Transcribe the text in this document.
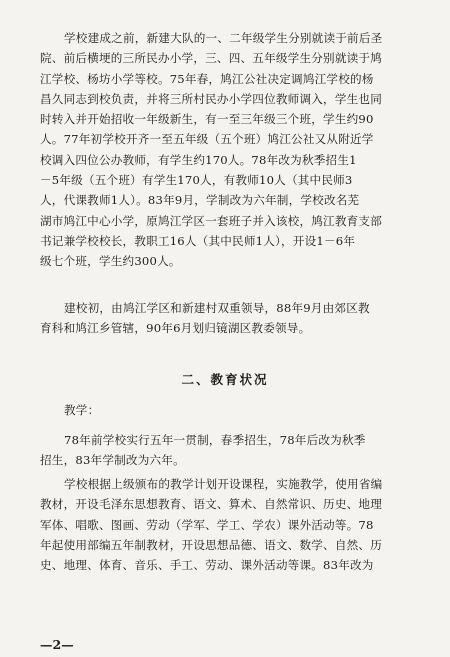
学校建成之前，新建大队的一、二年级学生分别就读于前后圣
院、前后横埂的三所民办小学，三、四、五年级学生分别就读于鸠
江学校、杨坊小学等校。75年春，鸠江公社决定调鸠江学校的杨
昌久同志到校负责，并将三所村民办小学四位教师调入，学生也同
时转入并开始招收一年级新生，有一至三年级三个班，学生约90
人。77年初学校开齐一至五年级（五个班）鸠江公社又从附近学
校调入四位公办教师，有学生约170人。78年改为秋季招生1
－5年级（五个班）有学生170人，有教师10人（其中民师3
人，代课教师1人）。83年9月，学制改为六年制，学校改名芜
湖市鸠江中心小学，原鸠江学区一套班子并入该校，鸠江教育支部
书记兼学校校长，教职工16人（其中民师1人），开设1－6年
级七个班，学生约300人。
建校初，由鸠江学区和新建村双重领导，88年9月由郊区教
育科和鸠江乡管辖，90年6月划归镜湖区教委领导。
二、教育状况
教学：
78年前学校实行五年一贯制，春季招生，78年后改为秋季
招生，83年学制改为六年。
学校根据上级颁布的教学计划开设课程，实施教学，使用省编
教材，开设毛泽东思想教育、语文、算术、自然常识、历史、地理
军体、唱歌、图画、劳动（学军、学工、学农）课外活动等。78
年起使用部编五年制教材，开设思想品德、语文、数学、自然、历
史、地理、体育、音乐、手工、劳动、课外活动等课。83年改为
—2—
